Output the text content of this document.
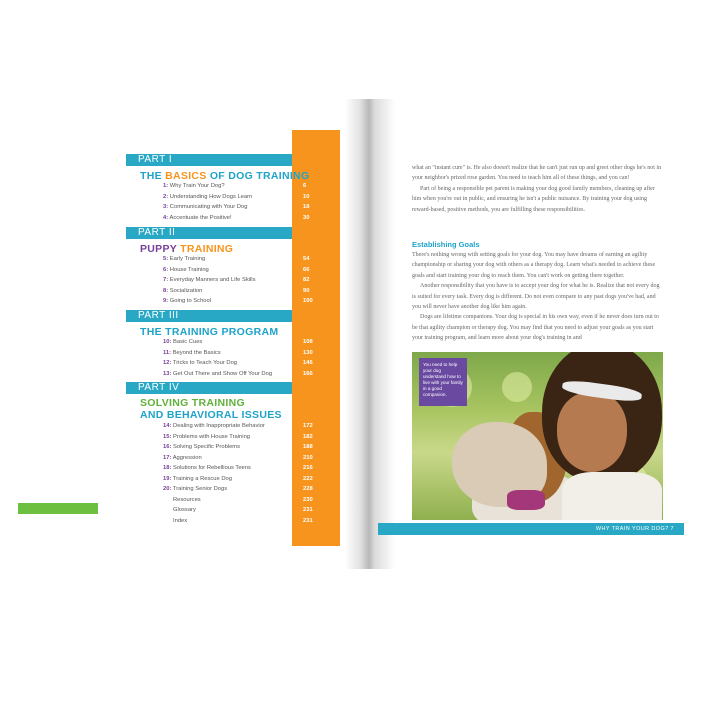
PART I
THE BASICS OF DOG TRAINING
1: Why Train Your Dog?	6
2: Understanding How Dogs Learn	10
3: Communicating with Your Dog	18
4: Accentuate the Positive!	30
PART II
PUPPY TRAINING
5: Early Training	54
6: House Training	66
7: Everyday Manners and Life Skills	82
8: Socialization	90
9: Going to School	100
PART III
THE TRAINING PROGRAM
10: Basic Cues	108
11: Beyond the Basics	130
12: Tricks to Teach Your Dog	146
13: Get Out There and Show Off Your Dog	166
PART IV
SOLVING TRAINING
AND BEHAVIORAL ISSUES
14: Dealing with Inappropriate Behavior	172
15: Problems with House Training	182
16: Solving Specific Problems	188
17: Aggression	210
18: Solutions for Rebellious Teens	216
19: Training a Rescue Dog	222
20: Training Senior Dogs	228
Resources	230
Glossary	231
Index	231

what an "instant cure" is. He also doesn't realize that he can't just run up and greet other dogs he's not in your neighbor's prized rose garden. You need to teach him all of these things, and you can!

Part of being a responsible pet parent is making your dog good family members, cleaning up after him when you're out in public, and ensuring he isn't a public nuisance. By training your dog using reward-based, positive methods, you are fulfilling these responsibilities.

Establishing Goals

There's nothing wrong with setting goals for your dog. You may have dreams of earning an agility championship or sharing your dog with others as a therapy dog. Learn what's needed to achieve these goals and start training your dog to reach them. You can't work on getting there together.

Another responsibility that you have is to accept your dog for what he is. Realize that not every dog is suited for every task. Every dog is different. Do not even compare to any past dogs you've had, and you will never have another dog like him again.

Dogs are lifetime companions. Your dog is special in his own way, even if he never does turn out to be that agility champion or therapy dog. You may find that you need to adjust your goals as you start your training program, and learn more about your dog's training in and

You need to help your dog understand how to live with your family in a good companion.
WHY TRAIN YOUR DOG? 7
